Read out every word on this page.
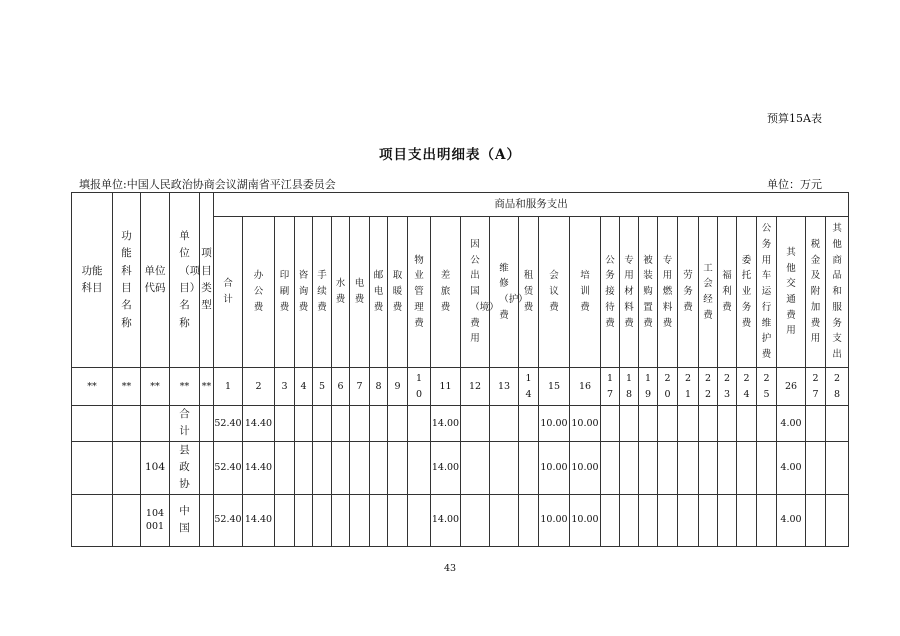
预算15A表
项目支出明细表（A）
填报单位:中国人民政治协商会议湖南省平江县委员会	单位：万元
功能科目	功能科目名称	单位代码	单位（项目）名称	项目类型	商品和服务支出																											
					合计	办公费	印刷费	咨询费	手续费	水费	电费	邮电费	取暖费	物业管理费	差旅费	因公出国（境）费用	维修（护）费	租赁费	会议费	培训费	公务接待费	专用材料费	被装购置费	专用燃料费	劳务费	工会经费	福利费	委托业务费	公务用车运行维护费	其他交通费用	税金及附加费用	其他商品和服务支出
**	**	**	**	**	1	2	3	4	5	6	7	8	9	10	11	12	13	14	15	16	17	18	19	20	21	22	23	24	25	26	27	28
			合计		52.40	14.40									14.00				10.00	10.00										4.00		
		104	县政协		52.40	14.40									14.00				10.00	10.00										4.00		
		104001	中国		52.40	14.40									14.00				10.00	10.00										4.00		
43
